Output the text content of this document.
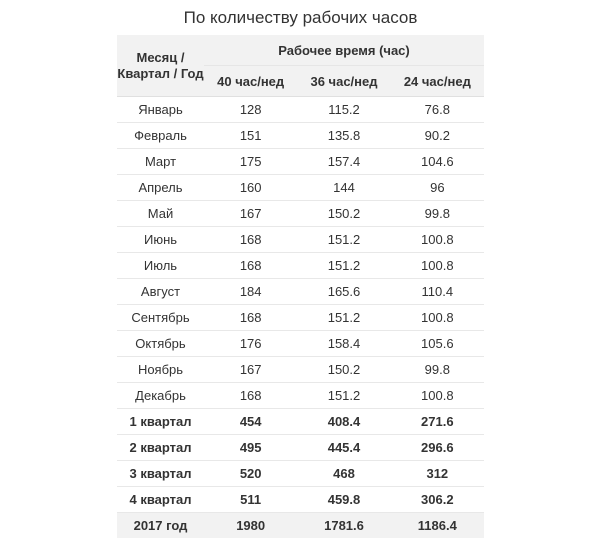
По количеству рабочих часов
Месяц / Квартал / Год	Рабочее время (час)		
	40 час/нед	36 час/нед	24 час/нед
Январь	128	115.2	76.8
Февраль	151	135.8	90.2
Март	175	157.4	104.6
Апрель	160	144	96
Май	167	150.2	99.8
Июнь	168	151.2	100.8
Июль	168	151.2	100.8
Август	184	165.6	110.4
Сентябрь	168	151.2	100.8
Октябрь	176	158.4	105.6
Ноябрь	167	150.2	99.8
Декабрь	168	151.2	100.8
1 квартал	454	408.4	271.6
2 квартал	495	445.4	296.6
3 квартал	520	468	312
4 квартал	511	459.8	306.2
2017 год	1980	1781.6	1186.4
